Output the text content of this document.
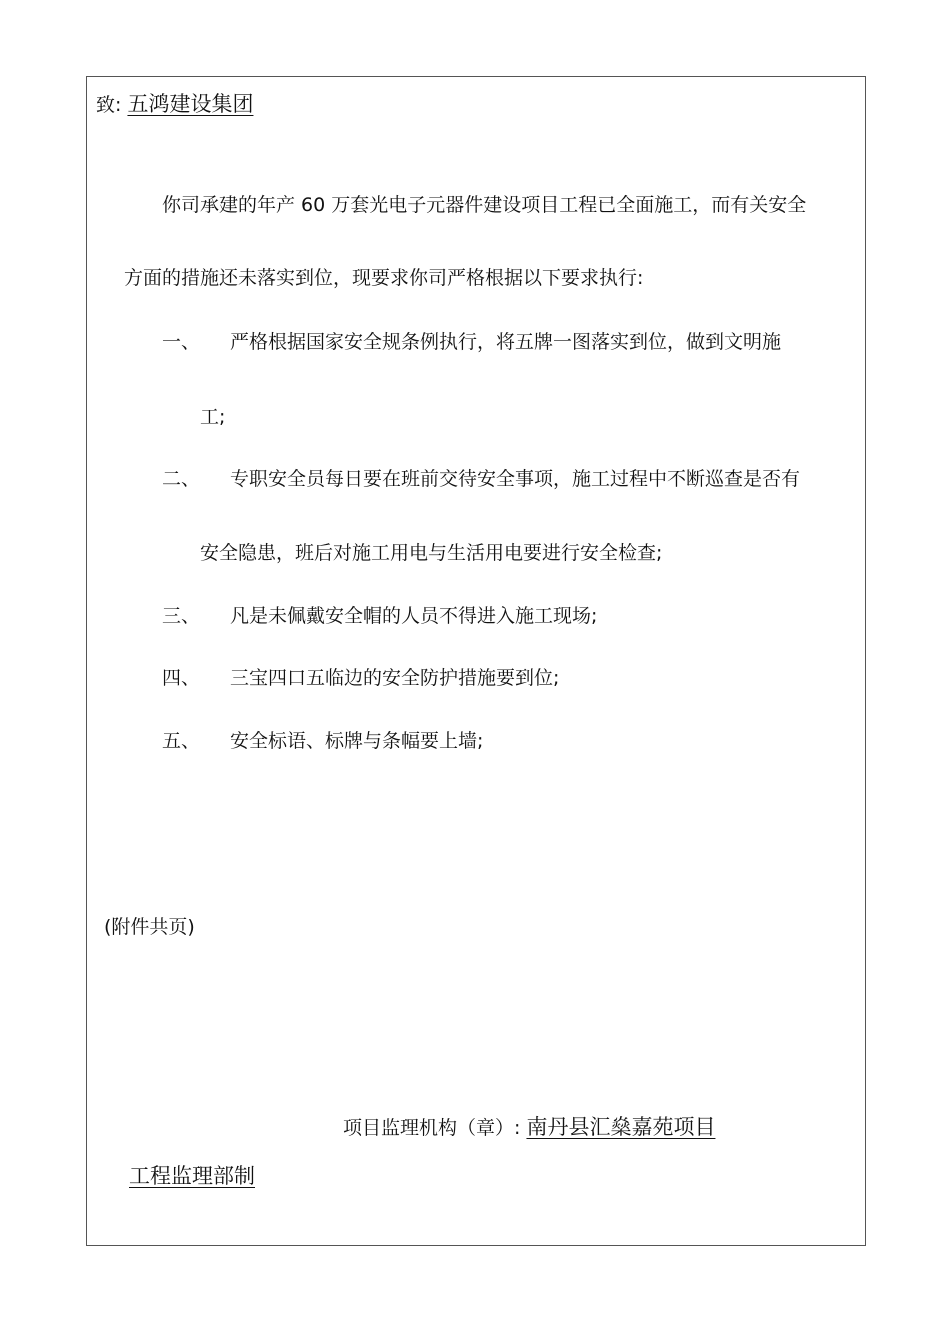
致: 五鸿建设集团
你司承建的年产 60 万套光电子元器件建设项目工程已全面施工，而有关安全
方面的措施还未落实到位，现要求你司严格根据以下要求执行:
一、 严格根据国家安全规条例执行，将五牌一图落实到位，做到文明施
工;
二、 专职安全员每日要在班前交待安全事项，施工过程中不断巡查是否有
安全隐患，班后对施工用电与生活用电要进行安全检查;
三、 凡是未佩戴安全帽的人员不得进入施工现场;
四、 三宝四口五临边的安全防护措施要到位;
五、 安全标语、标牌与条幅要上墙;
(附件共页)
项目监理机构（章）: 南丹县汇燊嘉苑项目
工程监理部制
